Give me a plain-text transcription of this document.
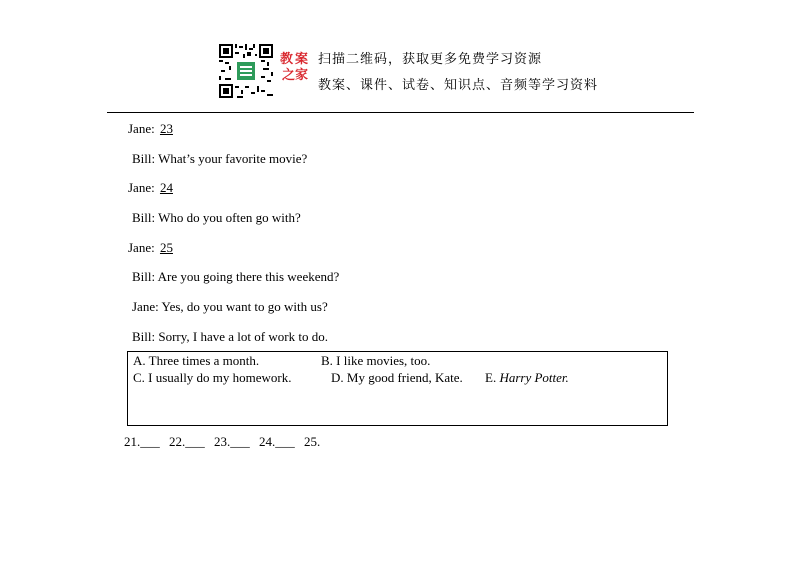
教案
之家
扫描二维码，获取更多免费学习资源
教案、课件、试卷、知识点、音频等学习资料
Jane: 23
Bill: What’s your favorite movie?
Jane: 24
Bill: Who do you often go with?
Jane: 25
Bill: Are you going there this weekend?
Jane: Yes, do you want to go with us?
Bill: Sorry, I have a lot of work to do.
A. Three times a month.	B. I like movies, too.
C. I usually do my homework.	D. My good friend, Kate. E. Harry Potter.
21.___ 22.___ 23.___ 24.___ 25.
